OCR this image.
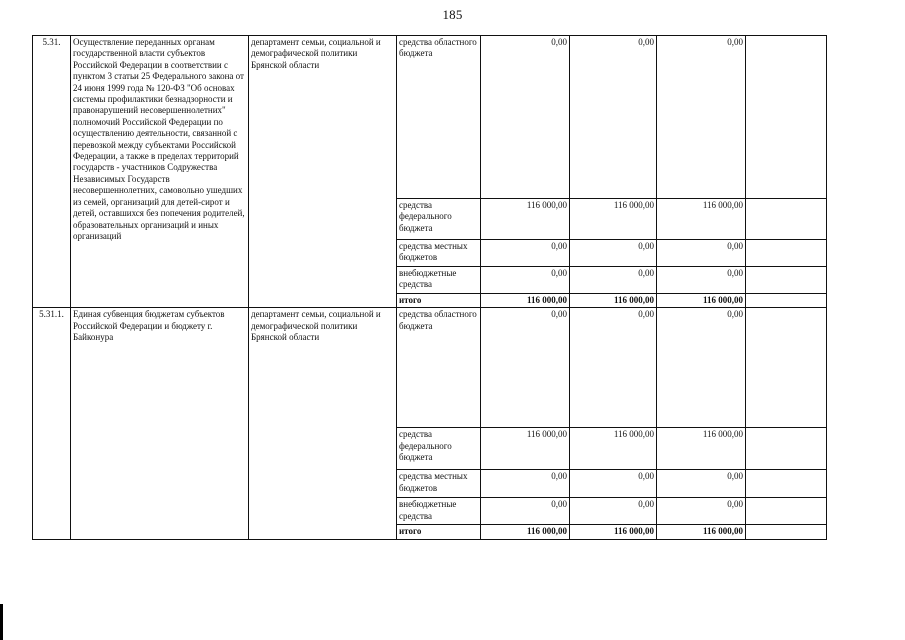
185
5.31.	Осуществление переданных органам государственной власти субъектов Российской Федерации в соответствии с пунктом 3 статьи 25 Федерального закона от 24 июня 1999 года № 120-ФЗ "Об основах системы профилактики безнадзорности и правонарушений несовершеннолетних" полномочий Российской Федерации по осуществлению деятельности, связанной с перевозкой между субъектами Российской Федерации, а также в пределах территорий государств - участников Содружества Независимых Государств несовершеннолетних, самовольно ушедших из семей, организаций для детей-сирот и детей, оставшихся без попечения родителей, образовательных организаций и иных организаций	департамент семьи, социальной и демографической политики Брянской области	средства областного бюджета	0,00	0,00	0,00	
			средства федерального бюджета	116 000,00	116 000,00	116 000,00	
			средства местных бюджетов	0,00	0,00	0,00	
			внебюджетные средства	0,00	0,00	0,00	
			итого	116 000,00	116 000,00	116 000,00	
5.31.1.	Единая субвенция бюджетам субъектов Российской Федерации и бюджету г. Байконура	департамент семьи, социальной и демографической политики Брянской области	средства областного бюджета	0,00	0,00	0,00	
			средства федерального бюджета	116 000,00	116 000,00	116 000,00	
			средства местных бюджетов	0,00	0,00	0,00	
			внебюджетные средства	0,00	0,00	0,00	
			итого	116 000,00	116 000,00	116 000,00	
